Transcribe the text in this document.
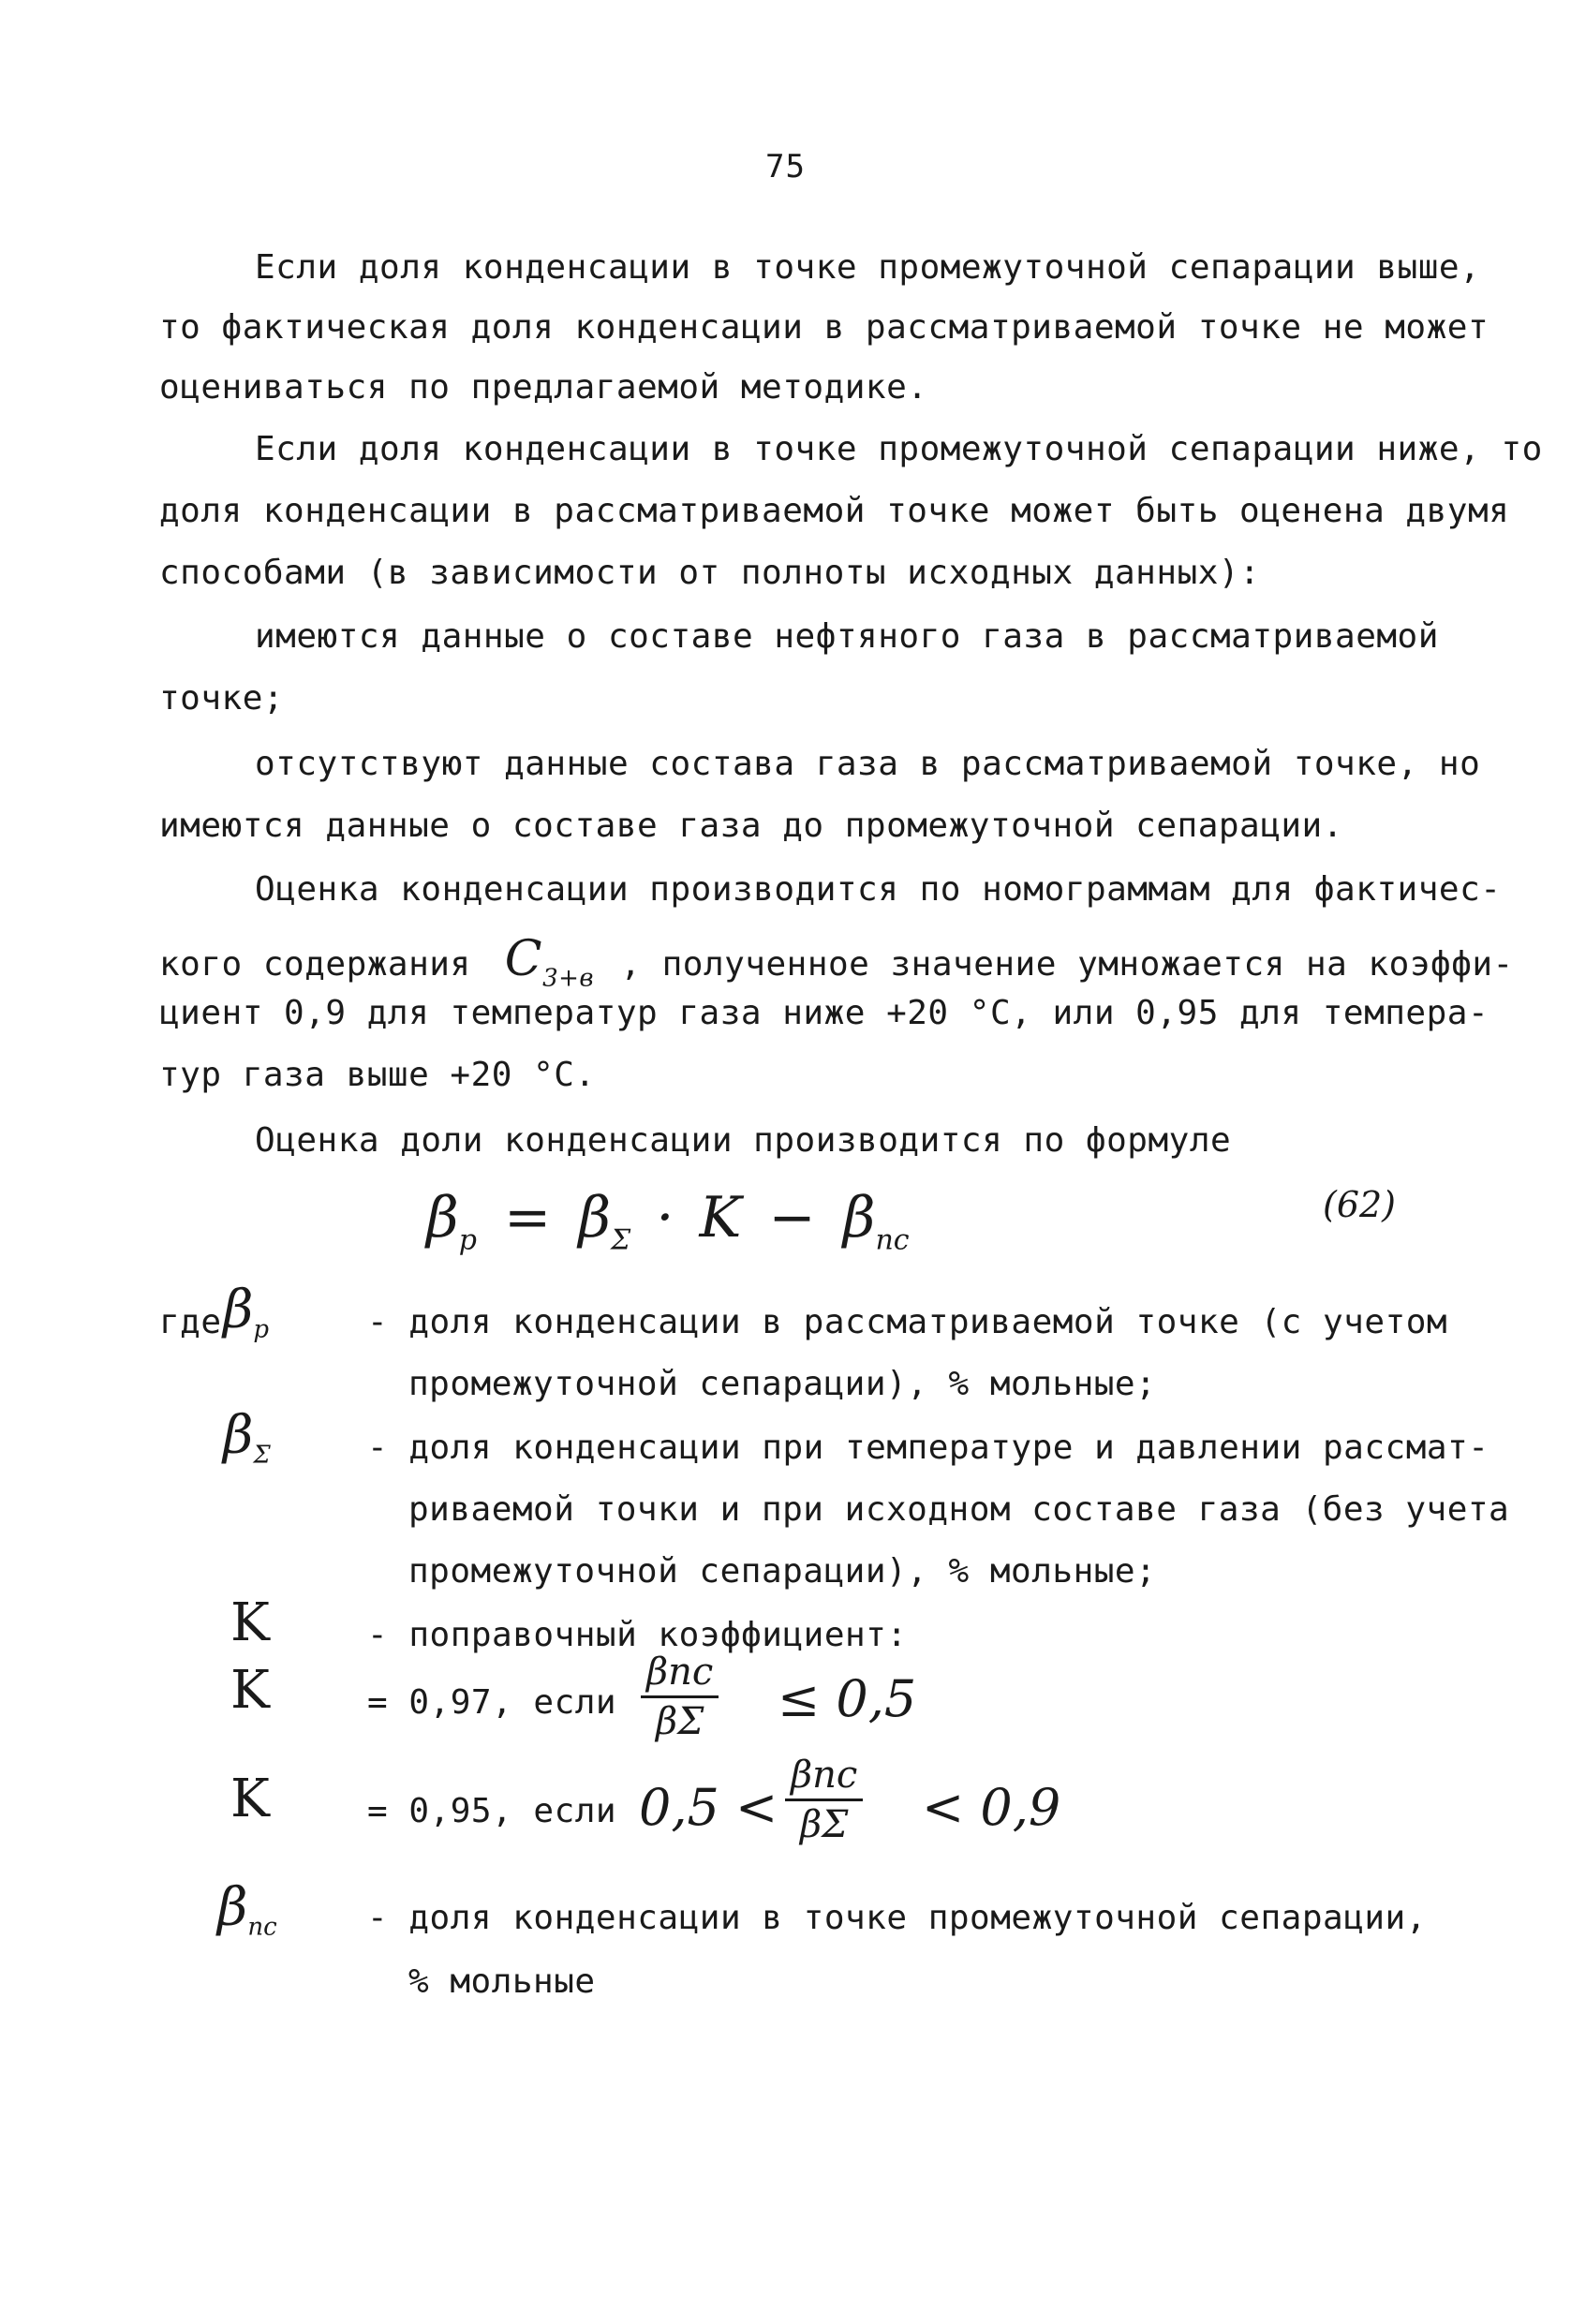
75
Если доля конденсации в точке промежуточной сепарации выше,
то фактическая доля конденсации в рассматриваемой точке не может
оцениваться по предлагаемой методике.
Если доля конденсации в точке промежуточной сепарации ниже, то
доля конденсации в рассматриваемой точке может быть оценена двумя
способами (в зависимости от полноты исходных данных):
имеются данные о составе нефтяного газа в рассматриваемой
точке;
отсутствуют данные состава газа в рассматриваемой точке, но
имеются данные о составе газа до промежуточной сепарации.
Оценка конденсации производится по номограммам для фактичес-
кого содержания $C_{3+в}$ , полученное значение умножается на коэффи-
циент 0,9 для температур газа ниже +20 °С, или 0,95 для темпера-
тур газа выше +20 °С.
Оценка доли конденсации производится по формуле
$\beta_р = \beta_\Sigma \cdot K - \beta_{пс}$
(62)
где βр	- доля конденсации в рассматриваемой точке (с учетом
промежуточной сепарации), % мольные;
βΣ	- доля конденсации при температуре и давлении рассмат-
риваемой точки и при исходном составе газа (без учета
промежуточной сепарации), % мольные;
K	- поправочный коэффициент:
K	= 0,97, если
βпс
βΣ ≤ 0,5
K	= 0,95, если 0,5 <
βпс
βΣ < 0,9
βпс	- доля конденсации в точке промежуточной сепарации,
% мольные
